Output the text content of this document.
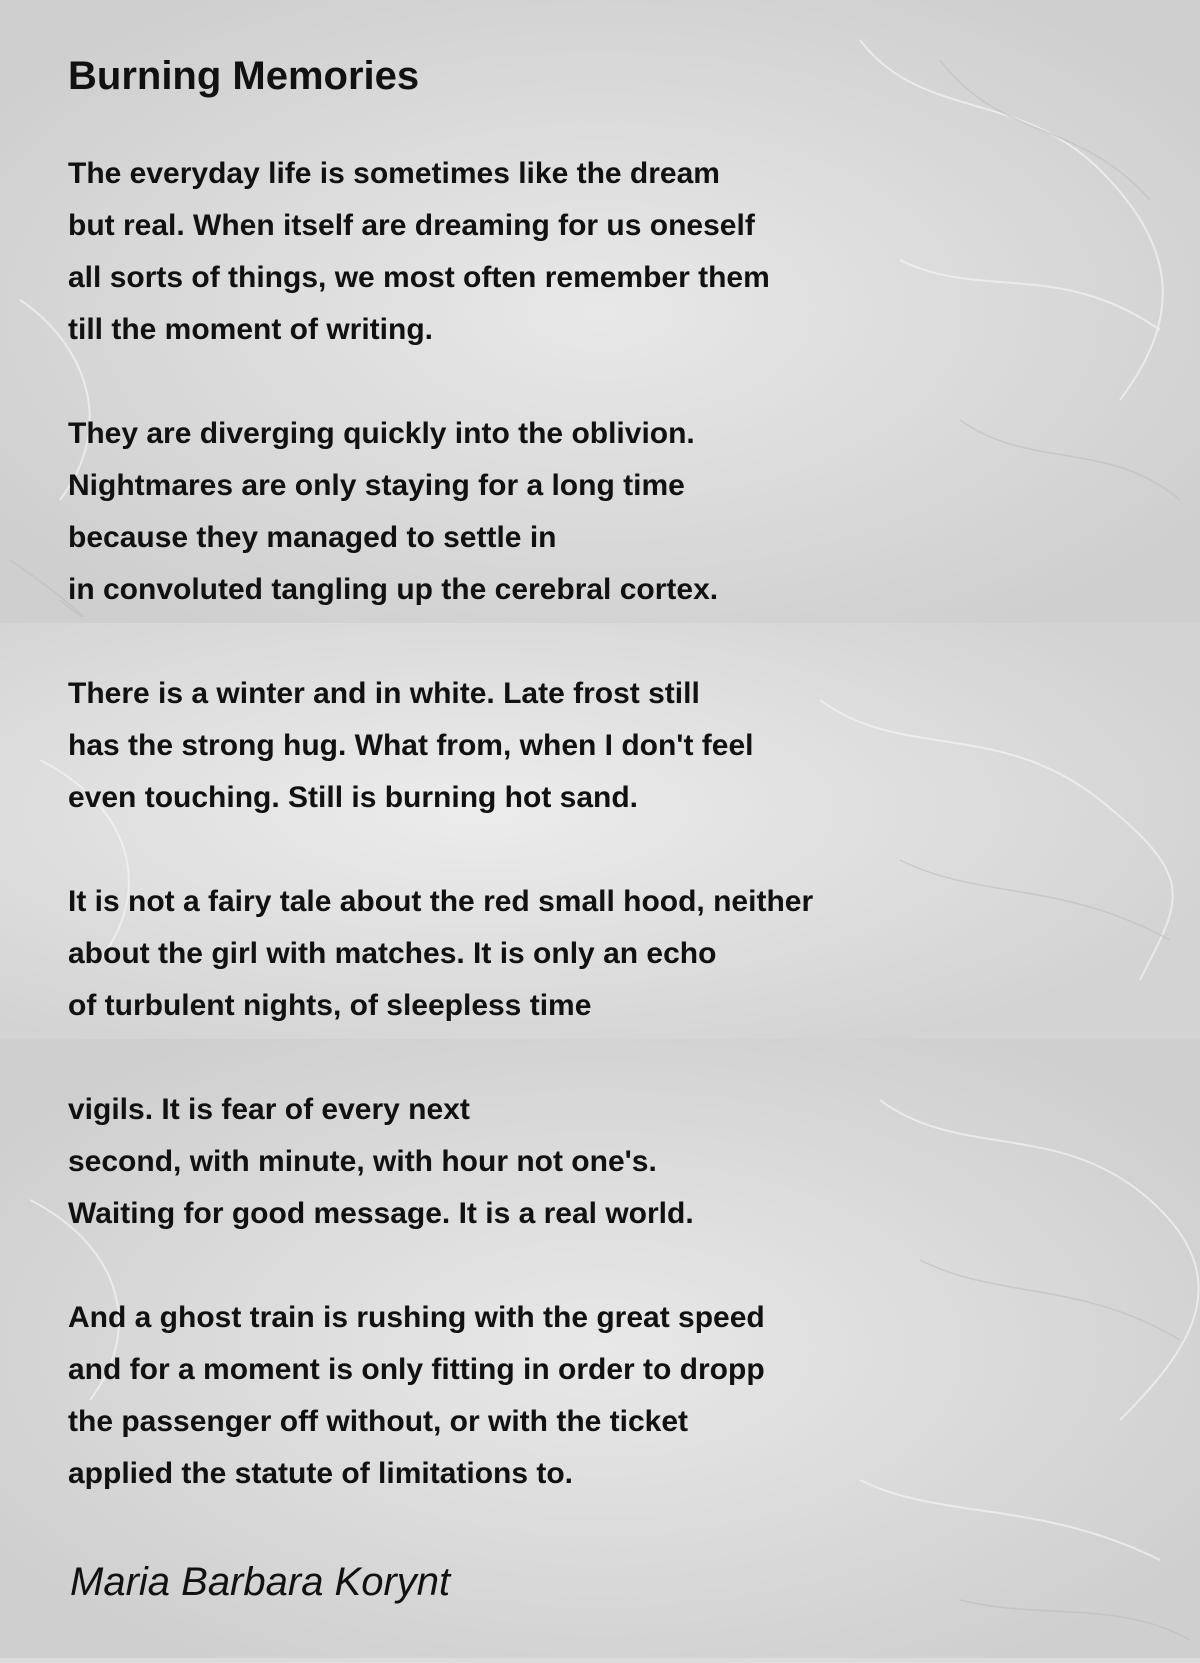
Burning Memories
The everyday life is sometimes like the dream
but real. When itself are dreaming for us oneself
all sorts of things, we most often remember them
till the moment of writing.
They are diverging quickly into the oblivion.
Nightmares are only staying for a long time
because they managed to settle in
in convoluted tangling up the cerebral cortex.
There is a winter and in white. Late frost still
has the strong hug. What from, when I don't feel
even touching. Still is burning hot sand.
It is not a fairy tale about the red small hood, neither
about the girl with matches. It is only an echo
of turbulent nights, of sleepless time
vigils. It is fear of every next
second, with minute, with hour not one's.
Waiting for good message. It is a real world.
And a ghost train is rushing with the great speed
and for a moment is only fitting in order to dropp
the passenger off without, or with the ticket
applied the statute of limitations to.

Maria Barbara Korynt
